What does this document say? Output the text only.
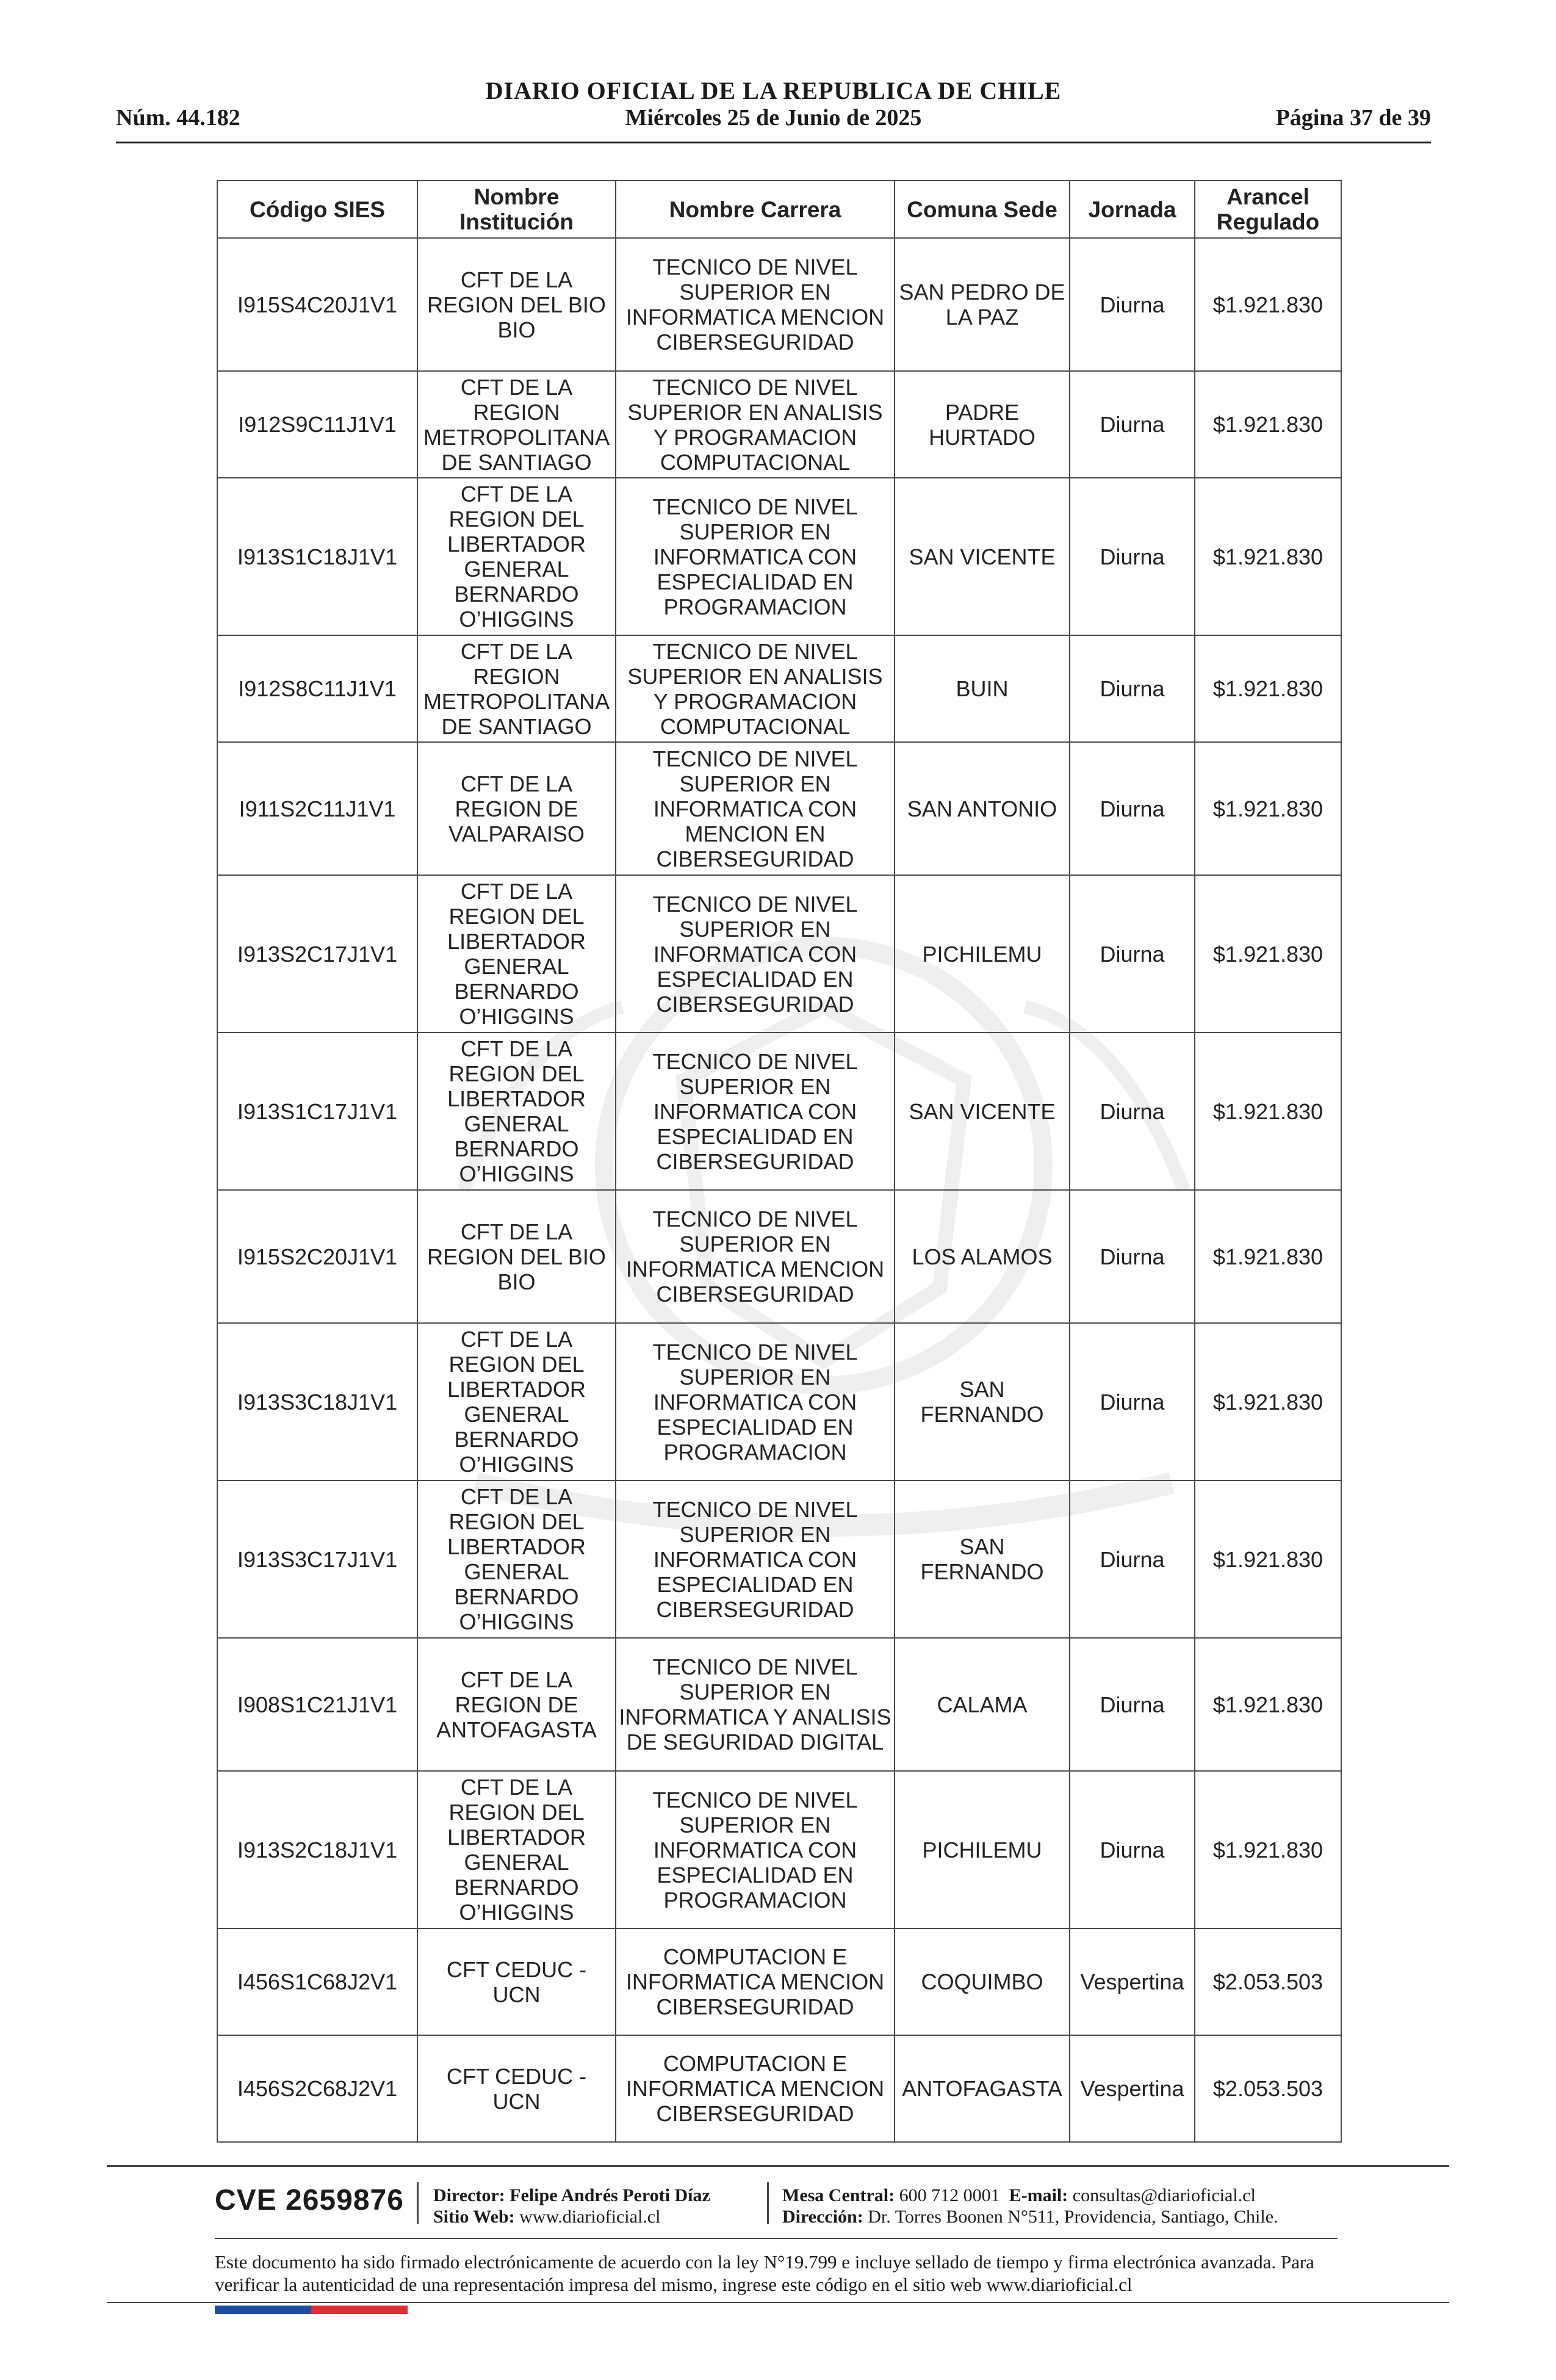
DIARIO OFICIAL DE LA REPUBLICA DE CHILE
Núm. 44.182	Miércoles 25 de Junio de 2025	Página 37 de 39
Código SIES	Nombre Institución	Nombre Carrera	Comuna Sede	Jornada	Arancel Regulado
I915S4C20J1V1	CFT DE LA REGION DEL BIO BIO	TECNICO DE NIVEL SUPERIOR EN INFORMATICA MENCION CIBERSEGURIDAD	SAN PEDRO DE LA PAZ	Diurna	$1.921.830
I912S9C11J1V1	CFT DE LA REGION METROPOLITANA DE SANTIAGO	TECNICO DE NIVEL SUPERIOR EN ANALISIS Y PROGRAMACION COMPUTACIONAL	PADRE HURTADO	Diurna	$1.921.830
I913S1C18J1V1	CFT DE LA REGION DEL LIBERTADOR GENERAL BERNARDO O’HIGGINS	TECNICO DE NIVEL SUPERIOR EN INFORMATICA CON ESPECIALIDAD EN PROGRAMACION	SAN VICENTE	Diurna	$1.921.830
I912S8C11J1V1	CFT DE LA REGION METROPOLITANA DE SANTIAGO	TECNICO DE NIVEL SUPERIOR EN ANALISIS Y PROGRAMACION COMPUTACIONAL	BUIN	Diurna	$1.921.830
I911S2C11J1V1	CFT DE LA REGION DE VALPARAISO	TECNICO DE NIVEL SUPERIOR EN INFORMATICA CON MENCION EN CIBERSEGURIDAD	SAN ANTONIO	Diurna	$1.921.830
I913S2C17J1V1	CFT DE LA REGION DEL LIBERTADOR GENERAL BERNARDO O’HIGGINS	TECNICO DE NIVEL SUPERIOR EN INFORMATICA CON ESPECIALIDAD EN CIBERSEGURIDAD	PICHILEMU	Diurna	$1.921.830
I913S1C17J1V1	CFT DE LA REGION DEL LIBERTADOR GENERAL BERNARDO O’HIGGINS	TECNICO DE NIVEL SUPERIOR EN INFORMATICA CON ESPECIALIDAD EN CIBERSEGURIDAD	SAN VICENTE	Diurna	$1.921.830
I915S2C20J1V1	CFT DE LA REGION DEL BIO BIO	TECNICO DE NIVEL SUPERIOR EN INFORMATICA MENCION CIBERSEGURIDAD	LOS ALAMOS	Diurna	$1.921.830
I913S3C18J1V1	CFT DE LA REGION DEL LIBERTADOR GENERAL BERNARDO O’HIGGINS	TECNICO DE NIVEL SUPERIOR EN INFORMATICA CON ESPECIALIDAD EN PROGRAMACION	SAN FERNANDO	Diurna	$1.921.830
I913S3C17J1V1	CFT DE LA REGION DEL LIBERTADOR GENERAL BERNARDO O’HIGGINS	TECNICO DE NIVEL SUPERIOR EN INFORMATICA CON ESPECIALIDAD EN CIBERSEGURIDAD	SAN FERNANDO	Diurna	$1.921.830
I908S1C21J1V1	CFT DE LA REGION DE ANTOFAGASTA	TECNICO DE NIVEL SUPERIOR EN INFORMATICA Y ANALISIS DE SEGURIDAD DIGITAL	CALAMA	Diurna	$1.921.830
I913S2C18J1V1	CFT DE LA REGION DEL LIBERTADOR GENERAL BERNARDO O’HIGGINS	TECNICO DE NIVEL SUPERIOR EN INFORMATICA CON ESPECIALIDAD EN PROGRAMACION	PICHILEMU	Diurna	$1.921.830
I456S1C68J2V1	CFT CEDUC - UCN	COMPUTACION E INFORMATICA MENCION CIBERSEGURIDAD	COQUIMBO	Vespertina	$2.053.503
I456S2C68J2V1	CFT CEDUC - UCN	COMPUTACION E INFORMATICA MENCION CIBERSEGURIDAD	ANTOFAGASTA	Vespertina	$2.053.503
CVE 2659876 Director: Felipe Andrés Peroti Díaz
Sitio Web: www.diarioficial.cl
Mesa Central: 600 712 0001 E-mail: consultas@diarioficial.cl
Dirección: Dr. Torres Boonen N°511, Providencia, Santiago, Chile.
Este documento ha sido firmado electrónicamente de acuerdo con la ley N°19.799 e incluye sellado de tiempo y firma electrónica avanzada. Para verificar la autenticidad de una representación impresa del mismo, ingrese este código en el sitio web www.diarioficial.cl
